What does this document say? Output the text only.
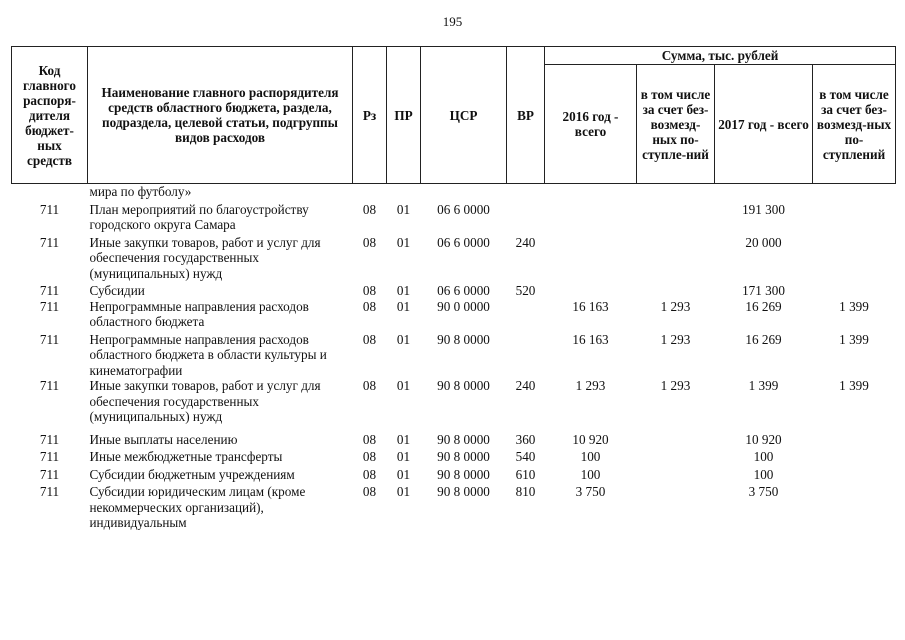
195
Код главного распоря-дителя бюджет-ных средств	Наименование главного распорядителя средств областного бюджета, раздела, подраздела, целевой статьи, подгруппы видов расходов	Рз	ПР	ЦСР	ВР	Сумма, тыс. рублей			
						2016 год - всего	в том числе за счет без-возмезд-ных по-ступле-ний	2017 год - всего	в том числе за счет без-возмезд-ных по-ступлений
	мира по футболу»								
711	План мероприятий по благоустройству городского округа Самара	08	01	06 6 0000				191 300	
711	Иные закупки товаров, работ и услуг для обеспечения государственных (муниципальных) нужд	08	01	06 6 0000	240			20 000	
711	Субсидии	08	01	06 6 0000	520			171 300	
711	Непрограммные направления расходов областного бюджета	08	01	90 0 0000		16 163	1 293	16 269	1 399
711	Непрограммные направления расходов областного бюджета в области культуры и кинематографии	08	01	90 8 0000		16 163	1 293	16 269	1 399
711	Иные закупки товаров, работ и услуг для обеспечения государственных (муниципальных) нужд	08	01	90 8 0000	240	1 293	1 293	1 399	1 399
711	Иные выплаты населению	08	01	90 8 0000	360	10 920		10 920	
711	Иные межбюджетные трансферты	08	01	90 8 0000	540	100		100	
711	Субсидии бюджетным учреждениям	08	01	90 8 0000	610	100		100	
711	Субсидии юридическим лицам (кроме некоммерческих организаций), индивидуальным	08	01	90 8 0000	810	3 750		3 750	
